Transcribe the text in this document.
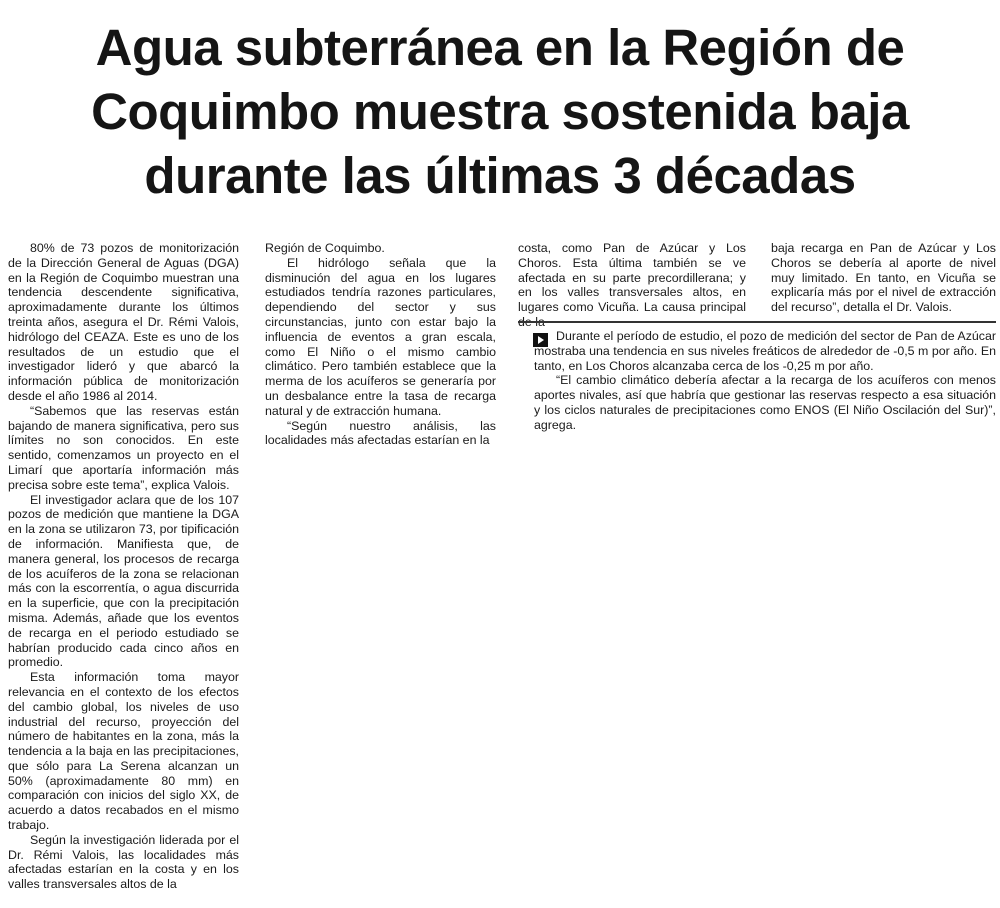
Agua subterránea en la Región de
Coquimbo muestra sostenida baja
durante las últimas 3 décadas

80% de 73 pozos de monitorización de la Dirección General de Aguas (DGA) en la Región de Coquimbo muestran una tendencia descendente significativa, aproximadamente durante los últimos treinta años, asegura el Dr. Rémi Valois, hidrólogo del CEAZA. Este es uno de los resultados de un estudio que el investigador lideró y que abarcó la información pública de monitorización desde el año 1986 al 2014.

“Sabemos que las reservas están bajando de manera significativa, pero sus límites no son conocidos. En este sentido, comenzamos un proyecto en el Limarí que aportaría información más precisa sobre este tema”, explica Valois.

El investigador aclara que de los 107 pozos de medición que mantiene la DGA en la zona se utilizaron 73, por tipificación de información. Manifiesta que, de manera general, los procesos de recarga de los acuíferos de la zona se relacionan más con la escorrentía, o agua discurrida en la superficie, que con la precipitación misma. Además, añade que los eventos de recarga en el periodo estudiado se habrían producido cada cinco años en promedio.

Esta información toma mayor relevancia en el contexto de los efectos del cambio global, los niveles de uso industrial del recurso, proyección del número de habitantes en la zona, más la tendencia a la baja en las precipitaciones, que sólo para La Serena alcanzan un 50% (aproximadamente 80 mm) en comparación con inicios del siglo XX, de acuerdo a datos recabados en el mismo trabajo.

Según la investigación liderada por el Dr. Rémi Valois, las localidades más afectadas estarían en la costa y en los valles transversales altos de la

Región de Coquimbo.

El hidrólogo señala que la disminución del agua en los lugares estudiados tendría razones particulares, dependiendo del sector y sus circunstancias, junto con estar bajo la influencia de eventos a gran escala, como El Niño o el mismo cambio climático. Pero también establece que la merma de los acuíferos se generaría por un desbalance entre la tasa de recarga natural y de extracción humana.

“Según nuestro análisis, las localidades más afectadas estarían en la

costa, como Pan de Azúcar y Los Choros. Esta última también se ve afectada en su parte precordillerana; y en los valles transversales altos, en lugares como Vicuña. La causa principal

baja recarga en Pan de Azúcar y Los Choros se debería al aporte de nivel muy limitado. En tanto, en Vicuña se explicaría más por el nivel de extracción del recurso”, detalla el Dr. Valois.

Durante el período de estudio, el pozo de medición del sector de Pan de Azúcar mostraba una tendencia en sus niveles freáticos de alrededor de -0,5 m por año. En tanto, en Los Choros alcanzaba cerca de los -0,25 m por año.

“El cambio climático debería afectar a la recarga de los acuíferos con menos aportes nivales, así que habría que gestionar las reservas respecto a esa situación y los ciclos naturales de precipitaciones como ENOS (El Niño Oscilación del Sur)”, agrega.
